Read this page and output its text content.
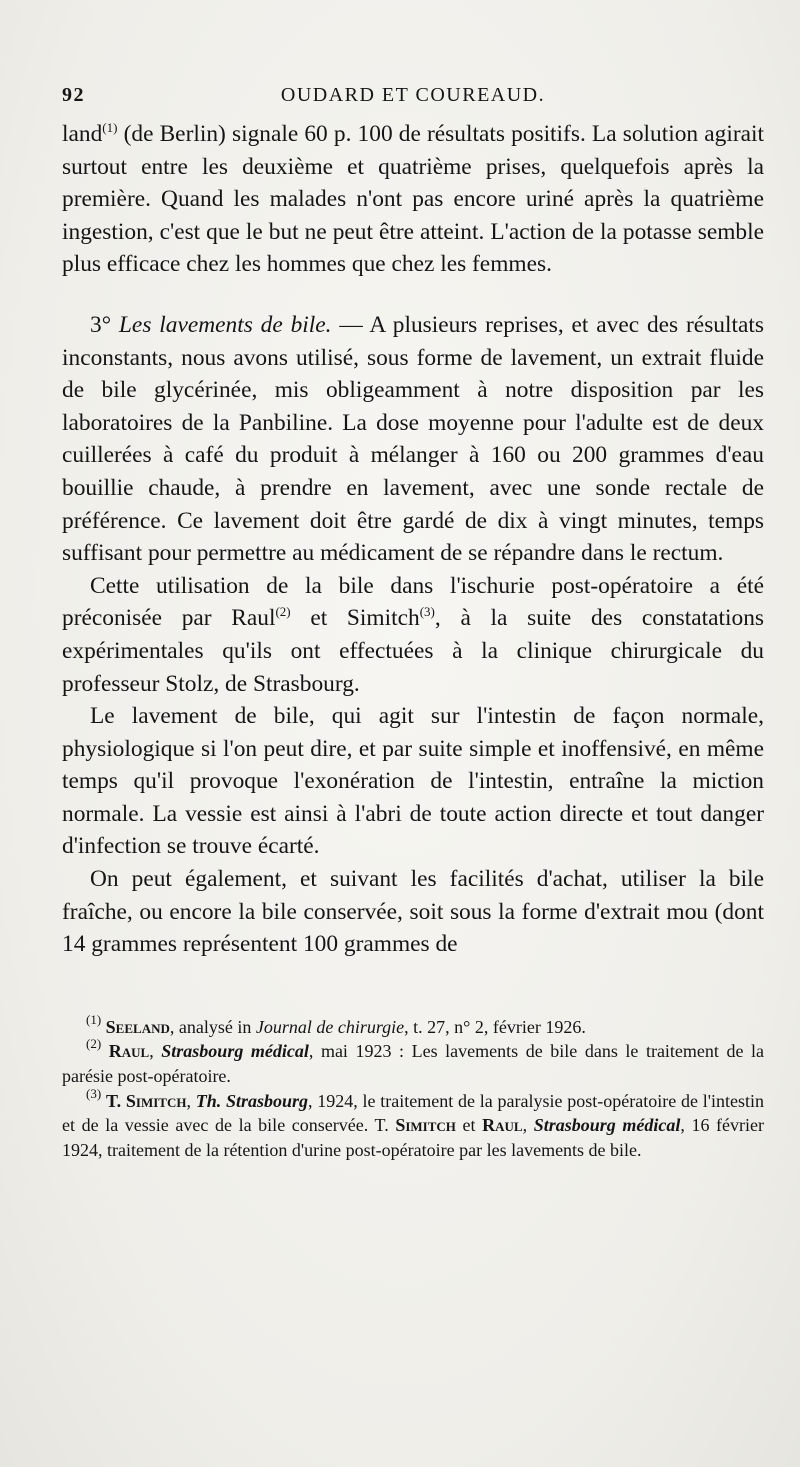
92	OUDARD ET COUREAUD.

land$^{(1)}$ (de Berlin) signale 60 p. 100 de résultats positifs. La solution agirait surtout entre les deuxième et quatrième prises, quelquefois après la première. Quand les malades n'ont pas encore uriné après la quatrième ingestion, c'est que le but ne peut être atteint. L'action de la potasse semble plus efficace chez les hommes que chez les femmes.

3° Les lavements de bile. — A plusieurs reprises, et avec des résultats inconstants, nous avons utilisé, sous forme de lavement, un extrait fluide de bile glycérinée, mis obligeamment à notre disposition par les laboratoires de la Panbiline. La dose moyenne pour l'adulte est de deux cuillerées à café du produit à mélanger à 160 ou 200 grammes d'eau bouillie chaude, à prendre en lavement, avec une sonde rectale de préférence. Ce lavement doit être gardé de dix à vingt minutes, temps suffisant pour permettre au médicament de se répandre dans le rectum.

Cette utilisation de la bile dans l'ischurie post-opératoire a été préconisée par Raul$^{(2)}$ et Simitch$^{(3)}$, à la suite des constatations expérimentales qu'ils ont effectuées à la clinique chirurgicale du professeur Stolz, de Strasbourg.

Le lavement de bile, qui agit sur l'intestin de façon normale, physiologique si l'on peut dire, et par suite simple et inoffensivé, en même temps qu'il provoque l'exonération de l'intestin, entraîne la miction normale. La vessie est ainsi à l'abri de toute action directe et tout danger d'infection se trouve écarté.

On peut également, et suivant les facilités d'achat, utiliser la bile fraîche, ou encore la bile conservée, soit sous la forme d'extrait mou (dont 14 grammes représentent 100 grammes de

$^{(1)}$ Seeland, analysé in Journal de chirurgie, t. 27, n° 2, février 1926.

$^{(2)}$ Raul, Strasbourg médical, mai 1923 : Les lavements de bile dans le traitement de la parésie post-opératoire.

$^{(3)}$ T. Simitch, Th. Strasbourg, 1924, le traitement de la paralysie post-opératoire de l'intestin et de la vessie avec de la bile conservée. T. Simitch et Raul, Strasbourg médical, 16 février 1924, traitement de la rétention d'urine post-opératoire par les lavements de bile.
